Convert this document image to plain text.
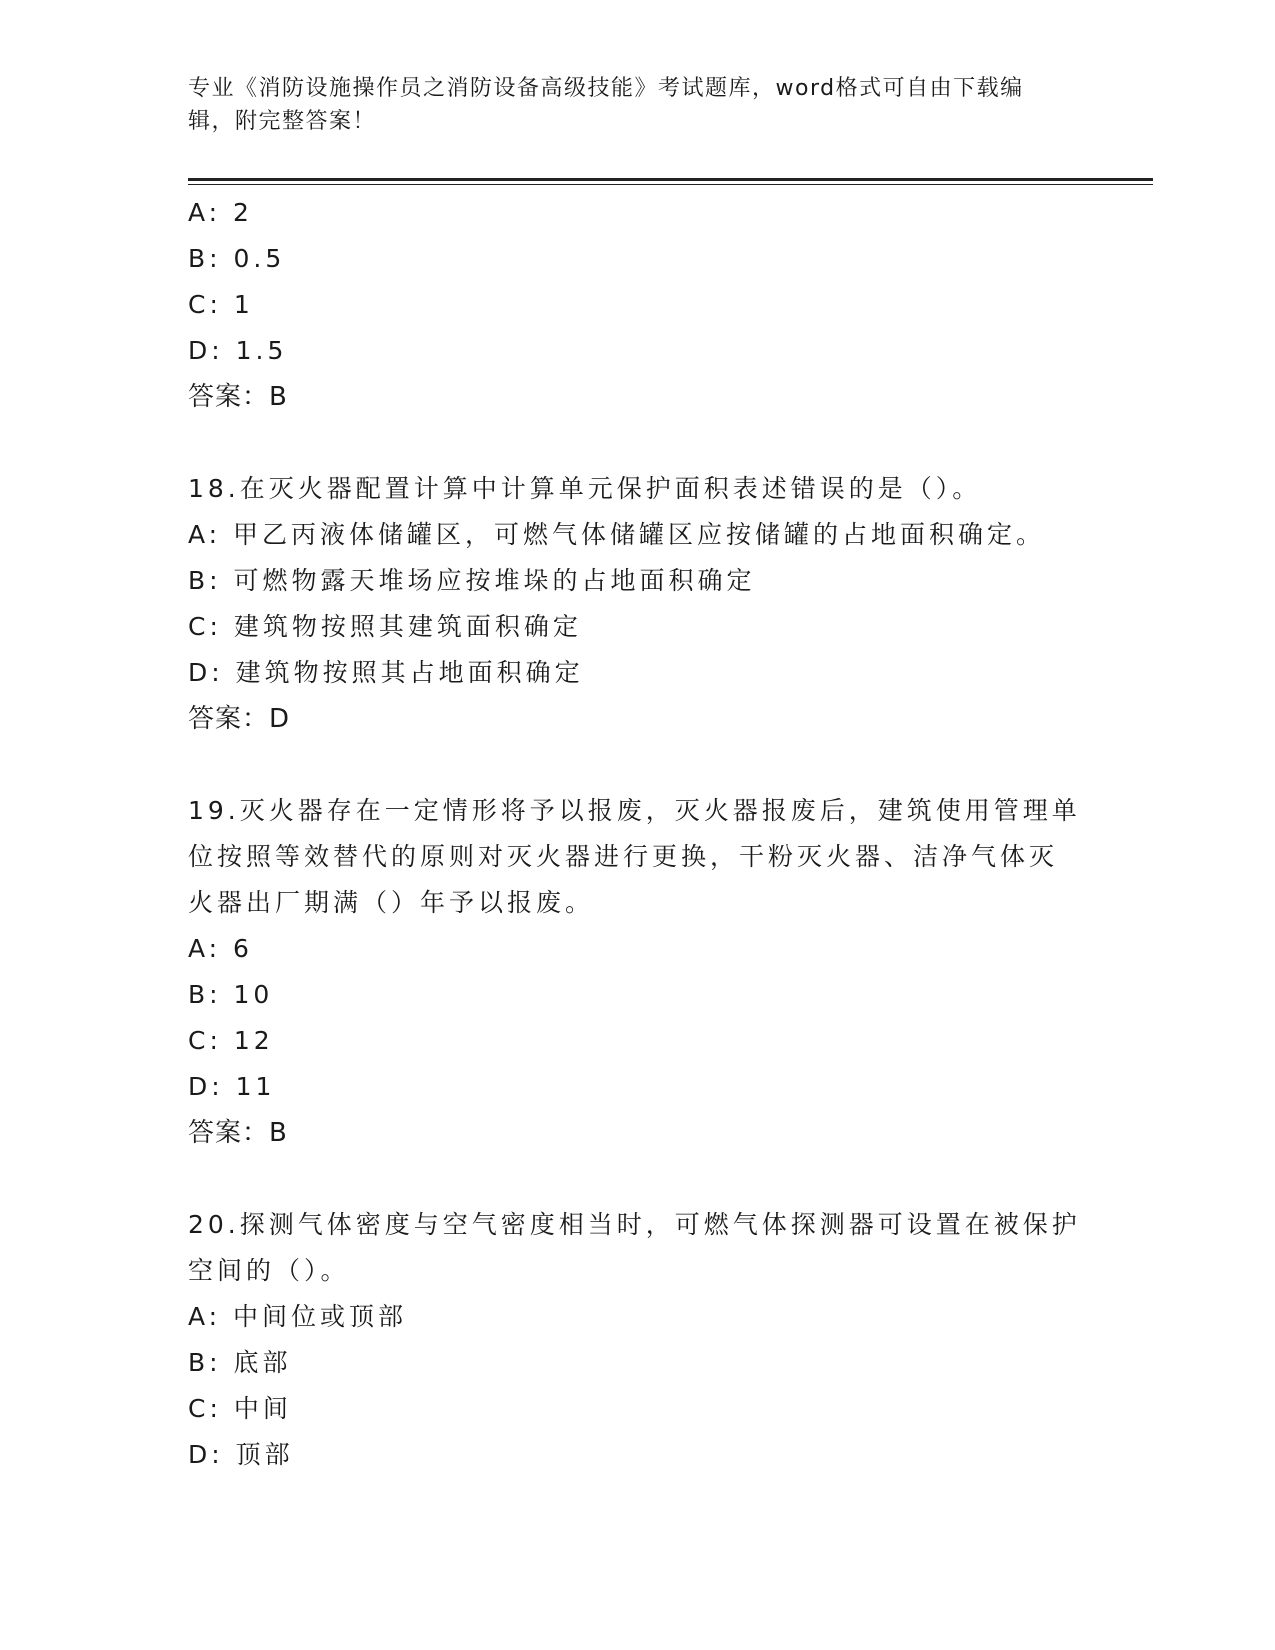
专业《消防设施操作员之消防设备高级技能》考试题库，word格式可自由下载编
辑，附完整答案！
A: 2
B: 0.5
C: 1
D: 1.5
答案：B
18.在灭火器配置计算中计算单元保护面积表述错误的是（）。
A: 甲乙丙液体储罐区，可燃气体储罐区应按储罐的占地面积确定。
B: 可燃物露天堆场应按堆垛的占地面积确定
C: 建筑物按照其建筑面积确定
D: 建筑物按照其占地面积确定
答案：D
19.灭火器存在一定情形将予以报废，灭火器报废后，建筑使用管理单
位按照等效替代的原则对灭火器进行更换，干粉灭火器、洁净气体灭
火器出厂期满（）年予以报废。
A: 6
B: 10
C: 12
D: 11
答案：B
20.探测气体密度与空气密度相当时，可燃气体探测器可设置在被保护
空间的（）。
A: 中间位或顶部
B: 底部
C: 中间
D: 顶部
